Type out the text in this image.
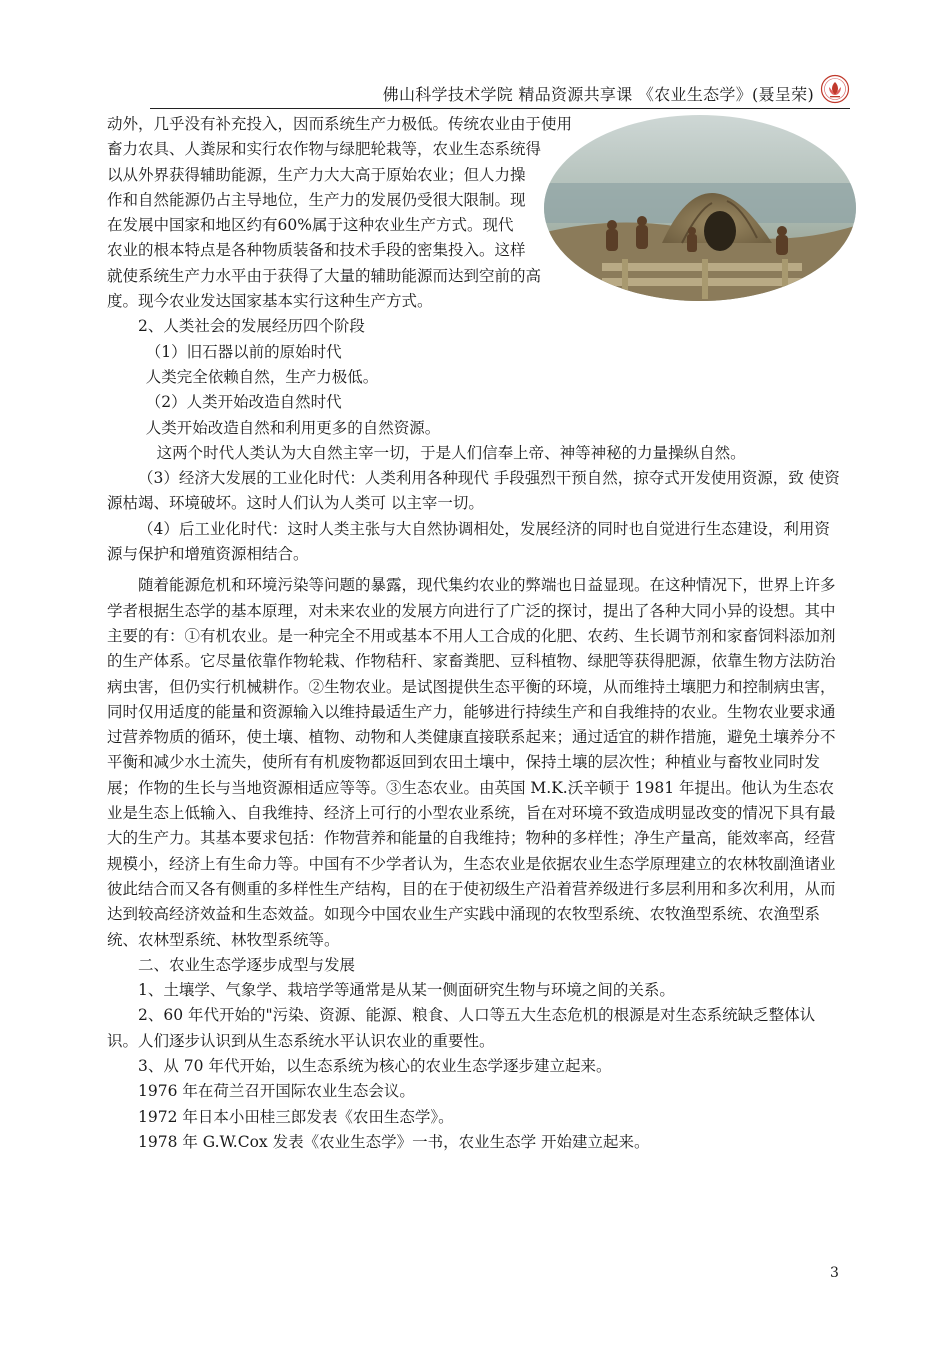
佛山科学技术学院 精品资源共享课 《农业生态学》(聂呈荣)

动外，几乎没有补充投入，因而系统生产力极低。传统农业由于使用畜力农具、人粪尿和实行农作物与绿肥轮栽等，农业生态系统得以从外界获得辅助能源，生产力大大高于原始农业；但人力操作和自然能源仍占主导地位，生产力的发展仍受很大限制。现在发展中国家和地区约有60%属于这种农业生产方式。现代农业的根本特点是各种物质装备和技术手段的密集投入。这样就使系统生产力水平由于获得了大量的辅助能源而达到空前的高度。现今农业发达国家基本实行这种生产方式。

2、人类社会的发展经历四个阶段

（1）旧石器以前的原始时代

人类完全依赖自然，生产力极低。

（2）人类开始改造自然时代

人类开始改造自然和利用更多的自然资源。

这两个时代人类认为大自然主宰一切，于是人们信奉上帝、神等神秘的力量操纵自然。

（3）经济大发展的工业化时代：人类利用各种现代 手段强烈干预自然，掠夺式开发使用资源，致 使资源枯竭、环境破坏。这时人们认为人类可 以主宰一切。

（4）后工业化时代：这时人类主张与大自然协调相处，发展经济的同时也自觉进行生态建设，利用资源与保护和增殖资源相结合。

随着能源危机和环境污染等问题的暴露，现代集约农业的弊端也日益显现。在这种情况下，世界上许多学者根据生态学的基本原理，对未来农业的发展方向进行了广泛的探讨，提出了各种大同小异的设想。其中主要的有：①有机农业。是一种完全不用或基本不用人工合成的化肥、农药、生长调节剂和家畜饲料添加剂的生产体系。它尽量依靠作物轮栽、作物秸秆、家畜粪肥、豆科植物、绿肥等获得肥源，依靠生物方法防治病虫害，但仍实行机械耕作。②生物农业。是试图提供生态平衡的环境，从而维持土壤肥力和控制病虫害，同时仅用适度的能量和资源输入以维持最适生产力，能够进行持续生产和自我维持的农业。生物农业要求通过营养物质的循环，使土壤、植物、动物和人类健康直接联系起来；通过适宜的耕作措施，避免土壤养分不平衡和减少水土流失，使所有有机废物都返回到农田土壤中，保持土壤的层次性；种植业与畜牧业同时发展；作物的生长与当地资源相适应等等。③生态农业。由英国 M.K.沃辛顿于 1981 年提出。他认为生态农业是生态上低输入、自我维持、经济上可行的小型农业系统，旨在对环境不致造成明显改变的情况下具有最大的生产力。其基本要求包括：作物营养和能量的自我维持；物种的多样性；净生产量高，能效率高，经营规模小，经济上有生命力等。中国有不少学者认为，生态农业是依据农业生态学原理建立的农林牧副渔诸业彼此结合而又各有侧重的多样性生产结构，目的在于使初级生产沿着营养级进行多层利用和多次利用，从而达到较高经济效益和生态效益。如现今中国农业生产实践中涌现的农牧型系统、农牧渔型系统、农渔型系统、农林型系统、林牧型系统等。

二、农业生态学逐步成型与发展

1、土壤学、气象学、栽培学等通常是从某一侧面研究生物与环境之间的关系。

2、60 年代开始的"污染、资源、能源、粮食、人口等五大生态危机的根源是对生态系统缺乏整体认识。人们逐步认识到从生态系统水平认识农业的重要性。

3、从 70 年代开始，以生态系统为核心的农业生态学逐步建立起来。

1976 年在荷兰召开国际农业生态会议。

1972 年日本小田桂三郎发表《农田生态学》。

1978 年 G.W.Cox 发表《农业生态学》一书，农业生态学 开始建立起来。

3
